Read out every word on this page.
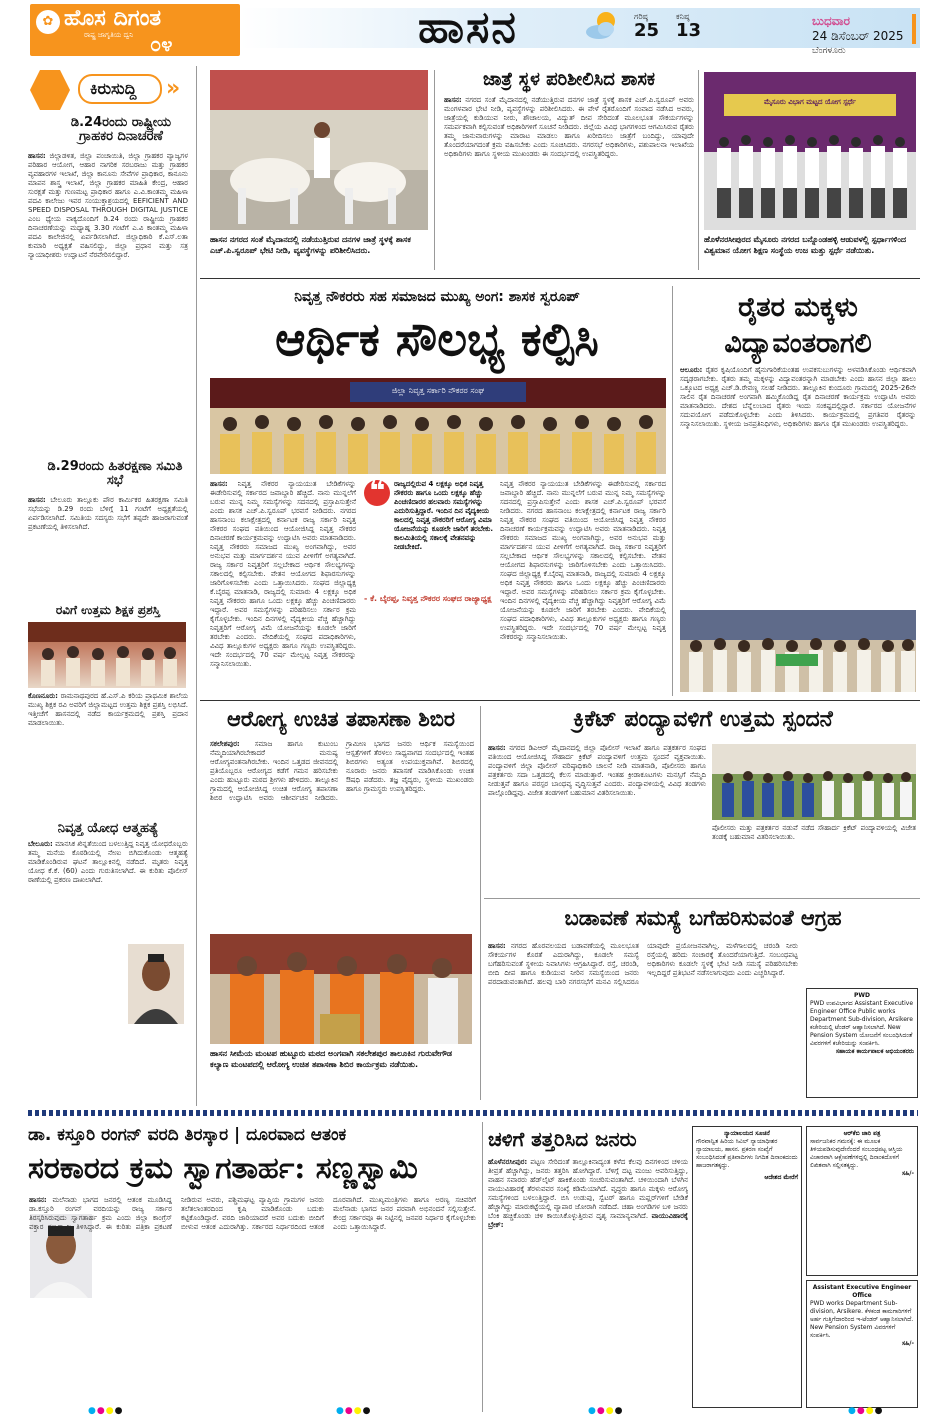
✿ ಹೊಸ ದಿಗಂತ
ರಾಷ್ಟ್ರ ಜಾಗೃತಿಯ ದ್ವನಿ ೦೪	ಹಾಸನ	ಗರಿಷ್ಠ
25
ಕನಿಷ್ಠ
13	ಬುಧವಾರ
24 ಡಿಸೆಂಬರ್ 2025
ಬೆಂಗಳೂರು
ಕಿರುಸುದ್ದಿ	»
ಡಿ.24ರಂದು ರಾಷ್ಟ್ರೀಯ ಗ್ರಾಹಕರ ದಿನಾಚರಣೆ
ಹಾಸನ: ಜಿಲ್ಲಾಡಳಿತ, ಜಿಲ್ಲಾ ಪಂಚಾಯಿತಿ, ಜಿಲ್ಲಾ ಗ್ರಾಹಕರ ವ್ಯಾಜ್ಯಗಳ ಪರಿಹಾರ ಆಯೋಗ, ಆಹಾರ ನಾಗರಿಕ ಸರಬರಾಜು ಮತ್ತು ಗ್ರಾಹಕರ ವ್ಯವಹಾರಗಳ ಇಲಾಖೆ, ಜಿಲ್ಲಾ ಕಾನೂನು ಸೇವೆಗಳ ಪ್ರಾಧಿಕಾರ, ಕಾನೂನು ಮಾಪನ ಶಾಸ್ತ್ರ ಇಲಾಖೆ, ಜಿಲ್ಲಾ ಗ್ರಾಹಕರ ಮಾಹಿತಿ ಕೇಂದ್ರ, ಆಹಾರ ಸುರಕ್ಷತೆ ಮತ್ತು ಗುಣಮಟ್ಟ ಪ್ರಾಧಿಕಾರ ಹಾಗೂ ಎ.ವಿ.ಕಾಂತಮ್ಮ ಮಹಿಳಾ ಪದವಿ ಕಾಲೇಜು ಇವರ ಸಂಯುಕ್ತಾಶ್ರಯದಲ್ಲಿ EEFICIENT AND SPEED DISPOSAL THROUGH DIGITAL JUSTICE ಎಂಬ ಧ್ಯೇಯ ವಾಕ್ಯದೊಂದಿಗೆ ಡಿ.24 ರಂದು ರಾಷ್ಟ್ರೀಯ ಗ್ರಾಹಕರ ದಿನಾಚರಣೆಯನ್ನು ಮಧ್ಯಾಹ್ನ 3.30 ಗಂಟೆಗೆ ಎ.ವಿ ಕಾಂತಮ್ಮ ಮಹಿಳಾ ಪದವಿ ಕಾಲೇಜಿನಲ್ಲಿ ಏರ್ಪಡಿಸಲಾಗಿದೆ. ಜಿಲ್ಲಾಧಿಕಾರಿ ಕೆ.ಎಸ್.ಲತಾ ಕುಮಾರಿ ಅಧ್ಯಕ್ಷತೆ ವಹಿಸಲಿದ್ದು, ಜಿಲ್ಲಾ ಪ್ರಧಾನ ಮತ್ತು ಸತ್ರ ನ್ಯಾಯಾಧೀಶರು ಉದ್ಘಾಟನೆ ನೆರವೇರಿಸಲಿದ್ದಾರೆ.
ಡಿ.29ರಂದು ಹಿತರಕ್ಷಣಾ ಸಮಿತಿ ಸಭೆ
ಹಾಸನ: ಬೇಲೂರು ತಾಲ್ಲೂಕು ಪೌರ ಕಾರ್ಮಿಕರ ಹಿತರಕ್ಷಣಾ ಸಮಿತಿ ಸಭೆಯನ್ನು ಡಿ.29 ರಂದು ಬೆಳಿಗ್ಗೆ 11 ಗಂಟೆಗೆ ಅಧ್ಯಕ್ಷತೆಯಲ್ಲಿ ಏರ್ಪಡಿಸಲಾಗಿದೆ. ಸಮಿತಿಯ ಸದಸ್ಯರು ಸಭೆಗೆ ತಪ್ಪದೇ ಹಾಜರಾಗುವಂತೆ ಪ್ರಕಟಣೆಯಲ್ಲಿ ತಿಳಿಸಲಾಗಿದೆ.
ರವಿಗೆ ಉತ್ತಮ ಶಿಕ್ಷಕ ಪ್ರಶಸ್ತಿ
ಕೊಣನೂರು: ರಾಮನಾಥಪುರದ ಹೆ.ಎಸ್.ಪಿ ಕರಿಯ ಪ್ರಾಥಮಿಕ ಶಾಲೆಯ ಮುಖ್ಯ ಶಿಕ್ಷಕ ರವಿ ಅವರಿಗೆ ಜಿಲ್ಲಾಮಟ್ಟದ ಉತ್ತಮ ಶಿಕ್ಷಕ ಪ್ರಶಸ್ತಿ ಲಭಿಸಿದೆ. ಇತ್ತೀಚೆಗೆ ಹಾಸನದಲ್ಲಿ ನಡೆದ ಕಾರ್ಯಕ್ರಮದಲ್ಲಿ ಪ್ರಶಸ್ತಿ ಪ್ರದಾನ ಮಾಡಲಾಯಿತು.
ನಿವೃತ್ತ ಯೋಧ ಆತ್ಮಹತ್ಯೆ
ಬೇಲೂರು: ಮಾನಸಿಕ ಖಿನ್ನತೆಯಿಂದ ಬಳಲುತ್ತಿದ್ದ ನಿವೃತ್ತ ಯೋಧರೊಬ್ಬರು ತಮ್ಮ ಮನೆಯ ಕೊಠಡಿಯಲ್ಲಿ ನೇಣು ಬಿಗಿದುಕೊಂಡು ಆತ್ಮಹತ್ಯೆ ಮಾಡಿಕೊಂಡಿರುವ ಘಟನೆ ತಾಲ್ಲೂಕಿನಲ್ಲಿ ನಡೆದಿದೆ. ಮೃತರು ನಿವೃತ್ತ ಯೋಧ ಕೆ.ಕೆ. (60) ಎಂದು ಗುರುತಿಸಲಾಗಿದೆ. ಈ ಕುರಿತು ಪೊಲೀಸ್ ಠಾಣೆಯಲ್ಲಿ ಪ್ರಕರಣ ದಾಖಲಾಗಿದೆ.
ಹಾಸನ ನಗರದ ಸಂತೆ ಮೈದಾನದಲ್ಲಿ ನಡೆಯುತ್ತಿರುವ ದನಗಳ ಜಾತ್ರೆ ಸ್ಥಳಕ್ಕೆ ಶಾಸಕ ಎಚ್.ಪಿ.ಸ್ವರೂಪ್ ಭೇಟಿ ನೀಡಿ, ವ್ಯವಸ್ಥೆಗಳನ್ನು ಪರಿಶೀಲಿಸಿದರು.
ಜಾತ್ರೆ ಸ್ಥಳ ಪರಿಶೀಲಿಸಿದ ಶಾಸಕ
ಹಾಸನ: ನಗರದ ಸಂತೆ ಮೈದಾನದಲ್ಲಿ ನಡೆಯುತ್ತಿರುವ ದನಗಳ ಜಾತ್ರೆ ಸ್ಥಳಕ್ಕೆ ಶಾಸಕ ಎಚ್.ಪಿ.ಸ್ವರೂಪ್ ಅವರು ಮಂಗಳವಾರ ಭೇಟಿ ನೀಡಿ, ವ್ಯವಸ್ಥೆಗಳನ್ನು ಪರಿಶೀಲಿಸಿದರು. ಈ ವೇಳೆ ರೈತರೊಂದಿಗೆ ಸಂವಾದ ನಡೆಸಿದ ಅವರು, ಜಾತ್ರೆಯಲ್ಲಿ ಕುಡಿಯುವ ನೀರು, ಶೌಚಾಲಯ, ವಿದ್ಯುತ್ ದೀಪ ಸೇರಿದಂತೆ ಮೂಲಭೂತ ಸೌಕರ್ಯಗಳನ್ನು ಸಮರ್ಪಕವಾಗಿ ಕಲ್ಪಿಸುವಂತೆ ಅಧಿಕಾರಿಗಳಿಗೆ ಸೂಚನೆ ನೀಡಿದರು. ಜಿಲ್ಲೆಯ ವಿವಿಧ ಭಾಗಗಳಿಂದ ಆಗಮಿಸಿರುವ ರೈತರು ತಮ್ಮ ಜಾನುವಾರುಗಳನ್ನು ಮಾರಾಟ ಮಾಡಲು ಹಾಗೂ ಖರೀದಿಸಲು ಜಾತ್ರೆಗೆ ಬಂದಿದ್ದು, ಯಾವುದೇ ತೊಂದರೆಯಾಗದಂತೆ ಕ್ರಮ ವಹಿಸಬೇಕು ಎಂದು ಸೂಚಿಸಿದರು. ನಗರಸಭೆ ಅಧಿಕಾರಿಗಳು, ಪಶುಪಾಲನಾ ಇಲಾಖೆಯ ಅಧಿಕಾರಿಗಳು ಹಾಗೂ ಸ್ಥಳೀಯ ಮುಖಂಡರು ಈ ಸಂದರ್ಭದಲ್ಲಿ ಉಪಸ್ಥಿತರಿದ್ದರು.
ಮೈಸೂರು ವಿಭಾಗ ಮಟ್ಟದ ಯೋಗ ಸ್ಪರ್ಧೆ
ಹೊಳೆನರಸೀಪುರದ ಮೈಸೂರು ನಗರದ ಬನ್ನೊಂಡಹಳ್ಳಿ ಆಡುವಳಲ್ಲಿ ಸ್ಪರ್ಧಾಗಳಿಂದ ವಿಶ್ವಮಾನ ಯೋಗ ಶಿಕ್ಷಣ ಸಂಸ್ಥೆಯ ಉಜ ಮತ್ತು ಸ್ಪರ್ಧೆ ನಡೆಯಿತು.
ನಿವೃತ್ತ ನೌಕರರು ಸಹ ಸಮಾಜದ ಮುಖ್ಯ ಅಂಗ: ಶಾಸಕ ಸ್ವರೂಪ್
ಆರ್ಥಿಕ ಸೌಲಭ್ಯ ಕಲ್ಪಿಸಿ
ಜಿಲ್ಲಾ ನಿವೃತ್ತ ಸರ್ಕಾರಿ ನೌಕರರ ಸಂಘ
ಹಾಸನ: ನಿವೃತ್ತ ನೌಕರರ ನ್ಯಾಯಯುತ ಬೇಡಿಕೆಗಳನ್ನು ಈಡೇರಿಸುವಲ್ಲಿ ಸರ್ಕಾರದ ಜವಾಬ್ದಾರಿ ಹೆಚ್ಚಿದೆ. ನಾನು ಮುನ್ನಲೆಗೆ ಬರುವ ಮುನ್ನ ನಿಮ್ಮ ಸಮಸ್ಯೆಗಳನ್ನು ಸದನದಲ್ಲಿ ಪ್ರಸ್ತಾಪಿಸುತ್ತೇನೆ ಎಂದು ಶಾಸಕ ಎಚ್.ಪಿ.ಸ್ವರೂಪ್ ಭರವಸೆ ನೀಡಿದರು. ನಗರದ ಹಾಸನಾಂಬ ಕಲಾಕ್ಷೇತ್ರದಲ್ಲಿ ಕರ್ನಾಟಕ ರಾಜ್ಯ ಸರ್ಕಾರಿ ನಿವೃತ್ತ ನೌಕರರ ಸಂಘದ ವತಿಯಿಂದ ಆಯೋಜಿಸಿದ್ದ ನಿವೃತ್ತ ನೌಕರರ ದಿನಾಚರಣೆ ಕಾರ್ಯಕ್ರಮವನ್ನು ಉದ್ಘಾಟಿಸಿ ಅವರು ಮಾತನಾಡಿದರು. ನಿವೃತ್ತ ನೌಕರರು ಸಮಾಜದ ಮುಖ್ಯ ಅಂಗವಾಗಿದ್ದು, ಅವರ ಅನುಭವ ಮತ್ತು ಮಾರ್ಗದರ್ಶನ ಯುವ ಪೀಳಿಗೆಗೆ ಅಗತ್ಯವಾಗಿದೆ. ರಾಜ್ಯ ಸರ್ಕಾರ ನಿವೃತ್ತರಿಗೆ ಸಲ್ಲಬೇಕಾದ ಆರ್ಥಿಕ ಸೌಲಭ್ಯಗಳನ್ನು ಸಕಾಲದಲ್ಲಿ ಕಲ್ಪಿಸಬೇಕು. ವೇತನ ಆಯೋಗದ ಶಿಫಾರಸುಗಳನ್ನು ಜಾರಿಗೊಳಿಸಬೇಕು ಎಂದು ಒತ್ತಾಯಿಸಿದರು. ಸಂಘದ ಜಿಲ್ಲಾಧ್ಯಕ್ಷ ಕೆ.ಬೈರಪ್ಪ ಮಾತನಾಡಿ, ರಾಜ್ಯದಲ್ಲಿ ಸುಮಾರು 4 ಲಕ್ಷಕ್ಕೂ ಅಧಿಕ ನಿವೃತ್ತ ನೌಕರರು ಹಾಗೂ ಒಂದು ಲಕ್ಷಕ್ಕೂ ಹೆಚ್ಚು ಪಿಂಚಣಿದಾರರು ಇದ್ದಾರೆ. ಅವರ ಸಮಸ್ಯೆಗಳನ್ನು ಪರಿಹರಿಸಲು ಸರ್ಕಾರ ಕ್ರಮ ಕೈಗೊಳ್ಳಬೇಕು. ಇಂದಿನ ದಿನಗಳಲ್ಲಿ ವೈದ್ಯಕೀಯ ವೆಚ್ಚ ಹೆಚ್ಚಾಗಿದ್ದು ನಿವೃತ್ತರಿಗೆ ಆರೋಗ್ಯ ವಿಮೆ ಯೋಜನೆಯನ್ನು ಕೂಡಲೇ ಜಾರಿಗೆ ತರಬೇಕು ಎಂದರು. ವೇದಿಕೆಯಲ್ಲಿ ಸಂಘದ ಪದಾಧಿಕಾರಿಗಳು, ವಿವಿಧ ತಾಲ್ಲೂಕುಗಳ ಅಧ್ಯಕ್ಷರು ಹಾಗೂ ಗಣ್ಯರು ಉಪಸ್ಥಿತರಿದ್ದರು. ಇದೇ ಸಂದರ್ಭದಲ್ಲಿ 70 ವರ್ಷ ಮೇಲ್ಪಟ್ಟ ನಿವೃತ್ತ ನೌಕರರನ್ನು ಸನ್ಮಾನಿಸಲಾಯಿತು.
❝ ರಾಜ್ಯದಲ್ಲಿರುವ 4 ಲಕ್ಷಕ್ಕೂ ಅಧಿಕ ನಿವೃತ್ತ ನೌಕರರು ಹಾಗೂ ಒಂದು ಲಕ್ಷಕ್ಕೂ ಹೆಚ್ಚು ಪಿಂಚಣಿದಾರರ ಹಲವಾರು ಸಮಸ್ಯೆಗಳನ್ನು ಎದುರಿಸುತ್ತಿದ್ದಾರೆ. ಇಂದಿನ ದಿನ ವೈದ್ಯಕೀಯ ಕಾಲದಲ್ಲಿ ನಿವೃತ್ತ ನೌಕರರಿಗೆ ಆರೋಗ್ಯ ವಿಮಾ ಯೋಜನೆಯನ್ನು ಕೂಡಲೇ ಜಾರಿಗೆ ತರಬೇಕು. ಕಾಲಮಿತಿಯಲ್ಲಿ ಸಕಾಲಕ್ಕೆ ವೇತನವನ್ನು ನೀಡಬೇಕಿದೆ.
- ಕೆ. ಬೈರಪ್ಪ, ನಿವೃತ್ತ ನೌಕರರ ಸಂಘದ ರಾಜ್ಯಾಧ್ಯಕ್ಷ
ನಿವೃತ್ತ ನೌಕರರ ನ್ಯಾಯಯುತ ಬೇಡಿಕೆಗಳನ್ನು ಈಡೇರಿಸುವಲ್ಲಿ ಸರ್ಕಾರದ ಜವಾಬ್ದಾರಿ ಹೆಚ್ಚಿದೆ. ನಾನು ಮುನ್ನಲೆಗೆ ಬರುವ ಮುನ್ನ ನಿಮ್ಮ ಸಮಸ್ಯೆಗಳನ್ನು ಸದನದಲ್ಲಿ ಪ್ರಸ್ತಾಪಿಸುತ್ತೇನೆ ಎಂದು ಶಾಸಕ ಎಚ್.ಪಿ.ಸ್ವರೂಪ್ ಭರವಸೆ ನೀಡಿದರು. ನಗರದ ಹಾಸನಾಂಬ ಕಲಾಕ್ಷೇತ್ರದಲ್ಲಿ ಕರ್ನಾಟಕ ರಾಜ್ಯ ಸರ್ಕಾರಿ ನಿವೃತ್ತ ನೌಕರರ ಸಂಘದ ವತಿಯಿಂದ ಆಯೋಜಿಸಿದ್ದ ನಿವೃತ್ತ ನೌಕರರ ದಿನಾಚರಣೆ ಕಾರ್ಯಕ್ರಮವನ್ನು ಉದ್ಘಾಟಿಸಿ ಅವರು ಮಾತನಾಡಿದರು. ನಿವೃತ್ತ ನೌಕರರು ಸಮಾಜದ ಮುಖ್ಯ ಅಂಗವಾಗಿದ್ದು, ಅವರ ಅನುಭವ ಮತ್ತು ಮಾರ್ಗದರ್ಶನ ಯುವ ಪೀಳಿಗೆಗೆ ಅಗತ್ಯವಾಗಿದೆ. ರಾಜ್ಯ ಸರ್ಕಾರ ನಿವೃತ್ತರಿಗೆ ಸಲ್ಲಬೇಕಾದ ಆರ್ಥಿಕ ಸೌಲಭ್ಯಗಳನ್ನು ಸಕಾಲದಲ್ಲಿ ಕಲ್ಪಿಸಬೇಕು. ವೇತನ ಆಯೋಗದ ಶಿಫಾರಸುಗಳನ್ನು ಜಾರಿಗೊಳಿಸಬೇಕು ಎಂದು ಒತ್ತಾಯಿಸಿದರು. ಸಂಘದ ಜಿಲ್ಲಾಧ್ಯಕ್ಷ ಕೆ.ಬೈರಪ್ಪ ಮಾತನಾಡಿ, ರಾಜ್ಯದಲ್ಲಿ ಸುಮಾರು 4 ಲಕ್ಷಕ್ಕೂ ಅಧಿಕ ನಿವೃತ್ತ ನೌಕರರು ಹಾಗೂ ಒಂದು ಲಕ್ಷಕ್ಕೂ ಹೆಚ್ಚು ಪಿಂಚಣಿದಾರರು ಇದ್ದಾರೆ. ಅವರ ಸಮಸ್ಯೆಗಳನ್ನು ಪರಿಹರಿಸಲು ಸರ್ಕಾರ ಕ್ರಮ ಕೈಗೊಳ್ಳಬೇಕು. ಇಂದಿನ ದಿನಗಳಲ್ಲಿ ವೈದ್ಯಕೀಯ ವೆಚ್ಚ ಹೆಚ್ಚಾಗಿದ್ದು ನಿವೃತ್ತರಿಗೆ ಆರೋಗ್ಯ ವಿಮೆ ಯೋಜನೆಯನ್ನು ಕೂಡಲೇ ಜಾರಿಗೆ ತರಬೇಕು ಎಂದರು. ವೇದಿಕೆಯಲ್ಲಿ ಸಂಘದ ಪದಾಧಿಕಾರಿಗಳು, ವಿವಿಧ ತಾಲ್ಲೂಕುಗಳ ಅಧ್ಯಕ್ಷರು ಹಾಗೂ ಗಣ್ಯರು ಉಪಸ್ಥಿತರಿದ್ದರು. ಇದೇ ಸಂದರ್ಭದಲ್ಲಿ 70 ವರ್ಷ ಮೇಲ್ಪಟ್ಟ ನಿವೃತ್ತ ನೌಕರರನ್ನು ಸನ್ಮಾನಿಸಲಾಯಿತು.
ರೈತರ ಮಕ್ಕಳು ವಿದ್ಯಾವಂತರಾಗಲಿ
ಆಲೂರು: ರೈತರ ಕೃಷಿಯೊಂದಿಗೆ ಹೈನುಗಾರಿಕೆಯಂತಹ ಉಪಕಸುಬುಗಳನ್ನು ಅಳವಡಿಸಿಕೊಂಡು ಆರ್ಥಿಕವಾಗಿ ಸದೃಢರಾಗಬೇಕು. ರೈತರು ತಮ್ಮ ಮಕ್ಕಳನ್ನು ವಿದ್ಯಾವಂತರನ್ನಾಗಿ ಮಾಡಬೇಕು ಎಂದು ಹಾಸನ ಜಿಲ್ಲಾ ಹಾಲು ಒಕ್ಕೂಟದ ಅಧ್ಯಕ್ಷ ಎಚ್.ಡಿ.ರೇವಣ್ಣ ಸಲಹೆ ನೀಡಿದರು. ತಾಲ್ಲೂಕಿನ ಕುಂದೂರು ಗ್ರಾಮದಲ್ಲಿ 2025-26ನೇ ಸಾಲಿನ ರೈತ ದಿನಾಚರಣೆ ಅಂಗವಾಗಿ ಹಮ್ಮಿಕೊಂಡಿದ್ದ ರೈತ ದಿನಾಚರಣೆ ಕಾರ್ಯಕ್ರಮ ಉದ್ಘಾಟಿಸಿ ಅವರು ಮಾತನಾಡಿದರು. ದೇಶದ ಬೆನ್ನೆಲುಬಾದ ರೈತರು ಇಂದು ಸಂಕಷ್ಟದಲ್ಲಿದ್ದಾರೆ. ಸರ್ಕಾರದ ಯೋಜನೆಗಳ ಸದುಪಯೋಗ ಪಡೆದುಕೊಳ್ಳಬೇಕು ಎಂದು ತಿಳಿಸಿದರು. ಕಾರ್ಯಕ್ರಮದಲ್ಲಿ ಪ್ರಗತಿಪರ ರೈತರನ್ನು ಸನ್ಮಾನಿಸಲಾಯಿತು. ಸ್ಥಳೀಯ ಜನಪ್ರತಿನಿಧಿಗಳು, ಅಧಿಕಾರಿಗಳು ಹಾಗೂ ರೈತ ಮುಖಂಡರು ಉಪಸ್ಥಿತರಿದ್ದರು.
ಆರೋಗ್ಯ ಉಚಿತ ತಪಾಸಣಾ ಶಿಬಿರ
ಸಕಲೇಶಪುರ: ಸಮಾಜ ಹಾಗೂ ಕುಟುಂಬ ನೆಮ್ಮದಿಯಾಗಿರಬೇಕಾದರೆ ಮನುಷ್ಯ ಆರೋಗ್ಯವಂತನಾಗಿರಬೇಕು. ಇಂದಿನ ಒತ್ತಡದ ಜೀವನದಲ್ಲಿ ಪ್ರತಿಯೊಬ್ಬರೂ ಆರೋಗ್ಯದ ಕಡೆಗೆ ಗಮನ ಹರಿಸಬೇಕು ಎಂದು ಹುಟ್ಟೂರು ಮಠದ ಶ್ರೀಗಳು ಹೇಳಿದರು. ತಾಲ್ಲೂಕಿನ ಗ್ರಾಮದಲ್ಲಿ ಆಯೋಜಿಸಿದ್ದ ಉಚಿತ ಆರೋಗ್ಯ ತಪಾಸಣಾ ಶಿಬಿರ ಉದ್ಘಾಟಿಸಿ ಅವರು ಆಶೀರ್ವಚನ ನೀಡಿದರು. ಗ್ರಾಮೀಣ ಭಾಗದ ಜನರು ಆರ್ಥಿಕ ಸಮಸ್ಯೆಯಿಂದ ಆಸ್ಪತ್ರೆಗಳಿಗೆ ತೆರಳಲು ಸಾಧ್ಯವಾಗದ ಸಂದರ್ಭದಲ್ಲಿ ಇಂತಹ ಶಿಬಿರಗಳು ಅತ್ಯಂತ ಉಪಯುಕ್ತವಾಗಿವೆ. ಶಿಬಿರದಲ್ಲಿ ನೂರಾರು ಜನರು ತಪಾಸಣೆ ಮಾಡಿಸಿಕೊಂಡು ಉಚಿತ ಔಷಧಿ ಪಡೆದರು. ತಜ್ಞ ವೈದ್ಯರು, ಸ್ಥಳೀಯ ಮುಖಂಡರು ಹಾಗೂ ಗ್ರಾಮಸ್ಥರು ಉಪಸ್ಥಿತರಿದ್ದರು.
ಹಾಸನ ಸೀಮೆಯ ಮಂಟಪ ಹುಟ್ಟೂರು ಮಠದ ಅಂಗವಾಗಿ ಸಕಲೇಶಪುರ ತಾಲೂಕಿನ ಗುರುವೇಗೌಡ ಕಲ್ಯಾಣ ಮಂಟಪದಲ್ಲಿ ಆರೋಗ್ಯ ಉಚಿತ ತಪಾಸಣಾ ಶಿಬಿರ ಕಾರ್ಯಕ್ರಮ ನಡೆಯಿತು.
ಕ್ರಿಕೆಟ್ ಪಂದ್ಯಾವಳಿಗೆ ಉತ್ತಮ ಸ್ಪಂದನೆ
ಹಾಸನ: ನಗರದ ಡಿಎಆರ್ ಮೈದಾನದಲ್ಲಿ ಜಿಲ್ಲಾ ಪೊಲೀಸ್ ಇಲಾಖೆ ಹಾಗೂ ಪತ್ರಕರ್ತರ ಸಂಘದ ವತಿಯಿಂದ ಆಯೋಜಿಸಿದ್ದ ಸೌಹಾರ್ದ ಕ್ರಿಕೆಟ್ ಪಂದ್ಯಾವಳಿಗೆ ಉತ್ತಮ ಸ್ಪಂದನೆ ವ್ಯಕ್ತವಾಯಿತು. ಪಂದ್ಯಾವಳಿಗೆ ಜಿಲ್ಲಾ ಪೊಲೀಸ್ ವರಿಷ್ಠಾಧಿಕಾರಿ ಚಾಲನೆ ನೀಡಿ ಮಾತನಾಡಿ, ಪೊಲೀಸರು ಹಾಗೂ ಪತ್ರಕರ್ತರು ಸದಾ ಒತ್ತಡದಲ್ಲಿ ಕೆಲಸ ಮಾಡುತ್ತಾರೆ. ಇಂತಹ ಕ್ರೀಡಾಕೂಟಗಳು ಮನಸ್ಸಿಗೆ ನೆಮ್ಮದಿ ನೀಡುತ್ತವೆ ಹಾಗೂ ಪರಸ್ಪರ ಬಾಂಧವ್ಯ ವೃದ್ಧಿಸುತ್ತವೆ ಎಂದರು. ಪಂದ್ಯಾವಳಿಯಲ್ಲಿ ವಿವಿಧ ತಂಡಗಳು ಪಾಲ್ಗೊಂಡಿದ್ದವು. ವಿಜೇತ ತಂಡಗಳಿಗೆ ಬಹುಮಾನ ವಿತರಿಸಲಾಯಿತು.
ಪೊಲೀಸರು ಮತ್ತು ಪತ್ರಕರ್ತರ ನಡುವೆ ನಡೆದ ಸೌಹಾರ್ದ ಕ್ರಿಕೆಟ್ ಪಂದ್ಯಾವಳಿಯಲ್ಲಿ ವಿಜೇತ ತಂಡಕ್ಕೆ ಬಹುಮಾನ ವಿತರಿಸಲಾಯಿತು.
ಬಡಾವಣೆ ಸಮಸ್ಯೆ ಬಗೆಹರಿಸುವಂತೆ ಆಗ್ರಹ
ಹಾಸನ: ನಗರದ ಹೊರವಲಯದ ಬಡಾವಣೆಯಲ್ಲಿ ಮೂಲಭೂತ ಸೌಕರ್ಯಗಳ ಕೊರತೆ ಎದುರಾಗಿದ್ದು, ಕೂಡಲೇ ಸಮಸ್ಯೆ ಬಗೆಹರಿಸುವಂತೆ ಸ್ಥಳೀಯ ನಿವಾಸಿಗಳು ಆಗ್ರಹಿಸಿದ್ದಾರೆ. ರಸ್ತೆ, ಚರಂಡಿ, ಬೀದಿ ದೀಪ ಹಾಗೂ ಕುಡಿಯುವ ನೀರಿನ ಸಮಸ್ಯೆಯಿಂದ ಜನರು ಪರದಾಡುವಂತಾಗಿದೆ. ಹಲವು ಬಾರಿ ನಗರಸಭೆಗೆ ಮನವಿ ಸಲ್ಲಿಸಿದರೂ ಯಾವುದೇ ಪ್ರಯೋಜನವಾಗಿಲ್ಲ. ಮಳೆಗಾಲದಲ್ಲಿ ಚರಂಡಿ ನೀರು ರಸ್ತೆಯಲ್ಲಿ ಹರಿದು ಸಂಚಾರಕ್ಕೆ ತೊಂದರೆಯಾಗುತ್ತಿದೆ. ಸಂಬಂಧಪಟ್ಟ ಅಧಿಕಾರಿಗಳು ಕೂಡಲೇ ಸ್ಥಳಕ್ಕೆ ಭೇಟಿ ನೀಡಿ ಸಮಸ್ಯೆ ಪರಿಹರಿಸಬೇಕು ಇಲ್ಲದಿದ್ದರೆ ಪ್ರತಿಭಟನೆ ನಡೆಸಲಾಗುವುದು ಎಂದು ಎಚ್ಚರಿಸಿದ್ದಾರೆ.
PWD
PWD ಉಪವಿಭಾಗದ Assistant Executive Engineer Office Public works Department Sub-division, Arsikere ಕಚೇರಿಯಲ್ಲಿ ಟೆಂಡರ್ ಆಹ್ವಾನಿಸಲಾಗಿದೆ. New Pension System ಯೋಜನೆಗೆ ಸಂಬಂಧಿಸಿದಂತೆ ವಿವರಗಳಿಗೆ ಕಚೇರಿಯನ್ನು ಸಂಪರ್ಕಿಸಿ.
ಸಹಾಯಕ ಕಾರ್ಯಪಾಲಕ ಅಭಿಯಂತರರು
ಡಾ. ಕಸ್ತೂರಿ ರಂಗನ್ ವರದಿ ತಿರಸ್ಕಾರ | ದೂರವಾದ ಆತಂಕ
ಸರಕಾರದ ಕ್ರಮ ಸ್ವಾಗತಾರ್ಹ: ಸಣ್ಣಸ್ವಾಮಿ
ಹಾಸನ: ಮಲೆನಾಡು ಭಾಗದ ಜನರಲ್ಲಿ ಆತಂಕ ಮೂಡಿಸಿದ್ದ ಡಾ.ಕಸ್ತೂರಿ ರಂಗನ್ ವರದಿಯನ್ನು ರಾಜ್ಯ ಸರ್ಕಾರ ತಿರಸ್ಕರಿಸಿರುವುದು ಸ್ವಾಗತಾರ್ಹ ಕ್ರಮ ಎಂದು ಜಿಲ್ಲಾ ಕಾಂಗ್ರೆಸ್ ವಕ್ತಾರ ಸಣ್ಣಸ್ವಾಮಿ ತಿಳಿಸಿದ್ದಾರೆ. ಈ ಕುರಿತು ಪತ್ರಿಕಾ ಪ್ರಕಟಣೆ ನೀಡಿರುವ ಅವರು, ಪಶ್ಚಿಮಘಟ್ಟ ವ್ಯಾಪ್ತಿಯ ಗ್ರಾಮಗಳ ಜನರು ತಲೆತಲಾಂತರದಿಂದ ಕೃಷಿ ಮಾಡಿಕೊಂಡು ಬದುಕು ಕಟ್ಟಿಕೊಂಡಿದ್ದಾರೆ. ವರದಿ ಜಾರಿಯಾದರೆ ಅವರ ಬದುಕು ಬೀದಿಗೆ ಬೀಳುವ ಆತಂಕ ಎದುರಾಗಿತ್ತು. ಸರ್ಕಾರದ ನಿರ್ಧಾರದಿಂದ ಆತಂಕ ದೂರವಾಗಿದೆ. ಮುಖ್ಯಮಂತ್ರಿಗಳು ಹಾಗೂ ಅರಣ್ಯ ಸಚಿವರಿಗೆ ಮಲೆನಾಡು ಭಾಗದ ಜನರ ಪರವಾಗಿ ಅಭಿನಂದನೆ ಸಲ್ಲಿಸುತ್ತೇನೆ. ಕೇಂದ್ರ ಸರ್ಕಾರವೂ ಈ ನಿಟ್ಟಿನಲ್ಲಿ ಜನಪರ ನಿರ್ಧಾರ ಕೈಗೊಳ್ಳಬೇಕು ಎಂದು ಒತ್ತಾಯಿಸಿದ್ದಾರೆ.
ಚಳಿಗೆ ತತ್ತರಿಸಿದ ಜನರು
ಹೊಳೆನರಸೀಪುರ: ಪಟ್ಟಣ ಸೇರಿದಂತೆ ತಾಲ್ಲೂಕಿನಾದ್ಯಂತ ಕಳೆದ ಕೆಲವು ದಿನಗಳಿಂದ ಚಳಿಯ ತೀವ್ರತೆ ಹೆಚ್ಚಾಗಿದ್ದು, ಜನರು ತತ್ತರಿಸಿ ಹೋಗಿದ್ದಾರೆ. ಬೆಳಿಗ್ಗೆ ದಟ್ಟ ಮಂಜು ಆವರಿಸುತ್ತಿದ್ದು, ವಾಹನ ಸವಾರರು ಹೆಡ್‌ಲೈಟ್ ಹಾಕಿಕೊಂಡು ಸಂಚರಿಸುವಂತಾಗಿದೆ. ಚಳಿಯಿಂದಾಗಿ ಬೆಳಗಿನ ವಾಯುವಿಹಾರಕ್ಕೆ ತೆರಳುವವರ ಸಂಖ್ಯೆ ಕಡಿಮೆಯಾಗಿದೆ. ವೃದ್ಧರು ಹಾಗೂ ಮಕ್ಕಳು ಆರೋಗ್ಯ ಸಮಸ್ಯೆಗಳಿಂದ ಬಳಲುತ್ತಿದ್ದಾರೆ. ಬಿಸಿ ಉಡುಪು, ಸ್ವೆಟರ್ ಹಾಗೂ ಮಫ್ಲರ್‌ಗಳಿಗೆ ಬೇಡಿಕೆ ಹೆಚ್ಚಾಗಿದ್ದು ಮಾರುಕಟ್ಟೆಯಲ್ಲಿ ವ್ಯಾಪಾರ ಜೋರಾಗಿ ನಡೆದಿದೆ. ಚಹಾ ಅಂಗಡಿಗಳ ಬಳಿ ಜನರು ಬೆಂಕಿ ಹಚ್ಚಿಕೊಂಡು ಚಳಿ ಕಾಯಿಸಿಕೊಳ್ಳುತ್ತಿರುವ ದೃಶ್ಯ ಸಾಮಾನ್ಯವಾಗಿದೆ. ವಾಯುವಿಹಾರಕ್ಕೆ ಬ್ರೇಕ್:
ನ್ಯಾಯಾಲಯದ ಸೂಚನೆ
ಗೌರವಾನ್ವಿತ ಹಿರಿಯ ಸಿವಿಲ್ ನ್ಯಾಯಾಧೀಶರ ನ್ಯಾಯಾಲಯ, ಹಾಸನ. ಪ್ರಕರಣ ಸಂಖ್ಯೆಗೆ ಸಂಬಂಧಿಸಿದಂತೆ ಪ್ರತಿವಾದಿಗಳು ನಿಗದಿತ ದಿನಾಂಕದಂದು ಹಾಜರಾಗತಕ್ಕದ್ದು.
ಆದೇಶದ ಮೇರೆಗೆ
ಆರ್‌ಕೆಬಿ ಜಾರಿ ಪತ್ರ
ಸಾರ್ವಜನಿಕರ ಗಮನಕ್ಕೆ: ಈ ಮೂಲಕ ತಿಳಿಯಪಡಿಸುವುದೇನೆಂದರೆ ಸಂಬಂಧಪಟ್ಟ ಆಸ್ತಿಯ ವಿಚಾರವಾಗಿ ಆಕ್ಷೇಪಣೆಗಳಿದ್ದಲ್ಲಿ ದಿನಾಂಕದೊಳಗೆ ಲಿಖಿತವಾಗಿ ಸಲ್ಲಿಸತಕ್ಕದ್ದು.
ಸಹಿ/-
Assistant Executive Engineer Office
PWD works Department Sub-division, Arsikere. ಕೆಳಕಂಡ ಕಾಮಗಾರಿಗಳಿಗೆ ಅರ್ಹ ಗುತ್ತಿಗೆದಾರರಿಂದ ಇ-ಟೆಂಡರ್ ಆಹ್ವಾನಿಸಲಾಗಿದೆ. New Pension System ವಿವರಗಳಿಗೆ ಸಂಪರ್ಕಿಸಿ.
ಸಹಿ/-
●●●●	●●●●	●●●●	●●●●
